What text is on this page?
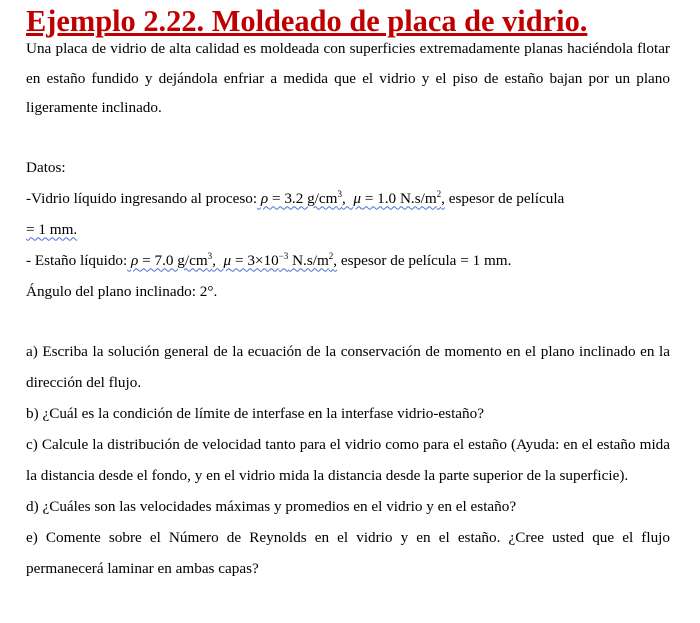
Ejemplo 2.22. Moldeado de placa de vidrio.

Una placa de vidrio de alta calidad es moldeada con superficies extremadamente planas haciéndola flotar en estaño fundido y dejándola enfriar a medida que el vidrio y el piso de estaño bajan por un plano ligeramente inclinado.

Datos:

-Vidrio líquido ingresando al proceso: ρ = 3.2 $g/cm^3$,  μ = 1.0 $N.s/m^2$, espesor de película

= 1 mm.

- Estaño líquido: ρ = 7.0 $g/cm^3$,  $\mu = 3\times 10^{-3}$ $N.s/m^2$, espesor de película = 1 mm.

Ángulo del plano inclinado: 2°.

a) Escriba la solución general de la ecuación de la conservación de momento en el plano inclinado en la dirección del flujo.

b) ¿Cuál es la condición de límite de interfase en la interfase vidrio-estaño?

c) Calcule la distribución de velocidad tanto para el vidrio como para el estaño (Ayuda: en el estaño mida la distancia desde el fondo, y en el vidrio mida la distancia desde la parte superior de la superficie).

d) ¿Cuáles son las velocidades máximas y promedios en el vidrio y en el estaño?

e) Comente sobre el Número de Reynolds en el vidrio y en el estaño. ¿Cree usted que el flujo permanecerá laminar en ambas capas?
